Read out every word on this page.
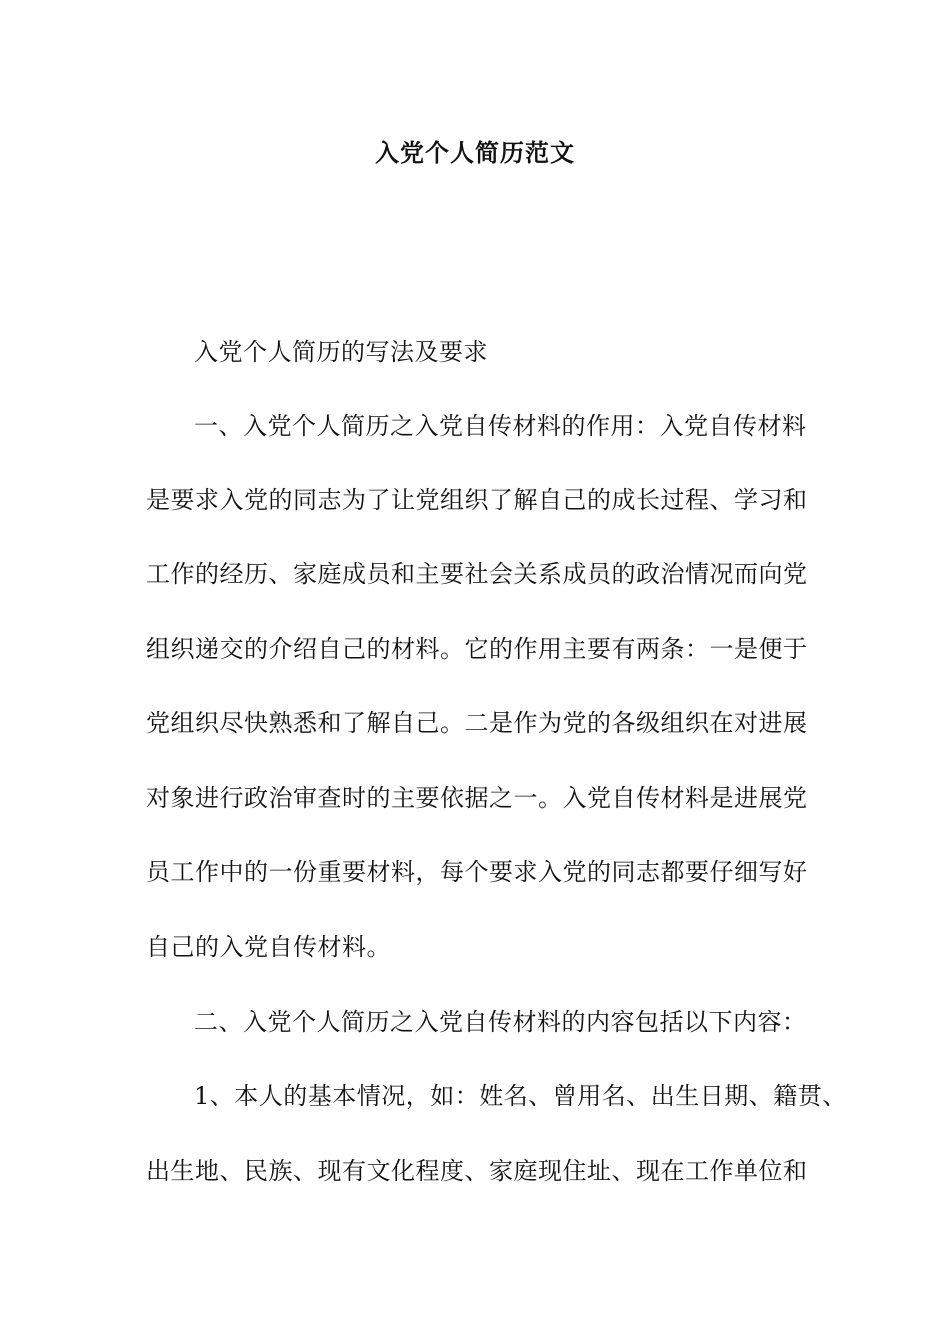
入党个人简历范文
入党个人简历的写法及要求
一、入党个人简历之入党自传材料的作用：入党自传材料
是要求入党的同志为了让党组织了解自己的成长过程、学习和
工作的经历、家庭成员和主要社会关系成员的政治情况而向党
组织递交的介绍自己的材料。它的作用主要有两条：一是便于
党组织尽快熟悉和了解自己。二是作为党的各级组织在对进展
对象进行政治审查时的主要依据之一。入党自传材料是进展党
员工作中的一份重要材料，每个要求入党的同志都要仔细写好
自己的入党自传材料。
二、入党个人简历之入党自传材料的内容包括以下内容：
1、本人的基本情况，如：姓名、曾用名、出生日期、籍贯、
出生地、民族、现有文化程度、家庭现住址、现在工作单位和
